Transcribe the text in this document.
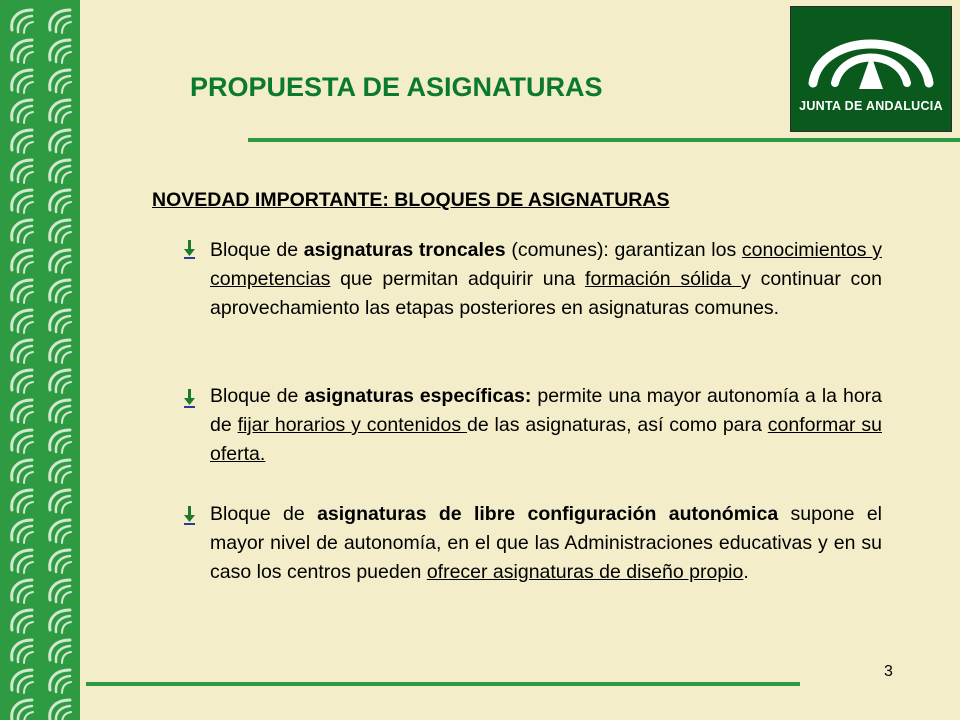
JUNTA DE ANDALUCIA
PROPUESTA DE ASIGNATURAS
NOVEDAD IMPORTANTE: BLOQUES DE ASIGNATURAS

Bloque de asignaturas troncales (comunes): garantizan los conocimientos y competencias que permitan adquirir una formación sólida y continuar con aprovechamiento las etapas posteriores en asignaturas comunes.

Bloque de asignaturas específicas: permite una mayor autonomía a la hora de fijar horarios y contenidos de las asignaturas, así como para conformar su oferta.

Bloque de asignaturas de libre configuración autonómica supone el mayor nivel de autonomía, en el que las Administraciones educativas y en su caso los centros pueden ofrecer asignaturas de diseño propio.

3
